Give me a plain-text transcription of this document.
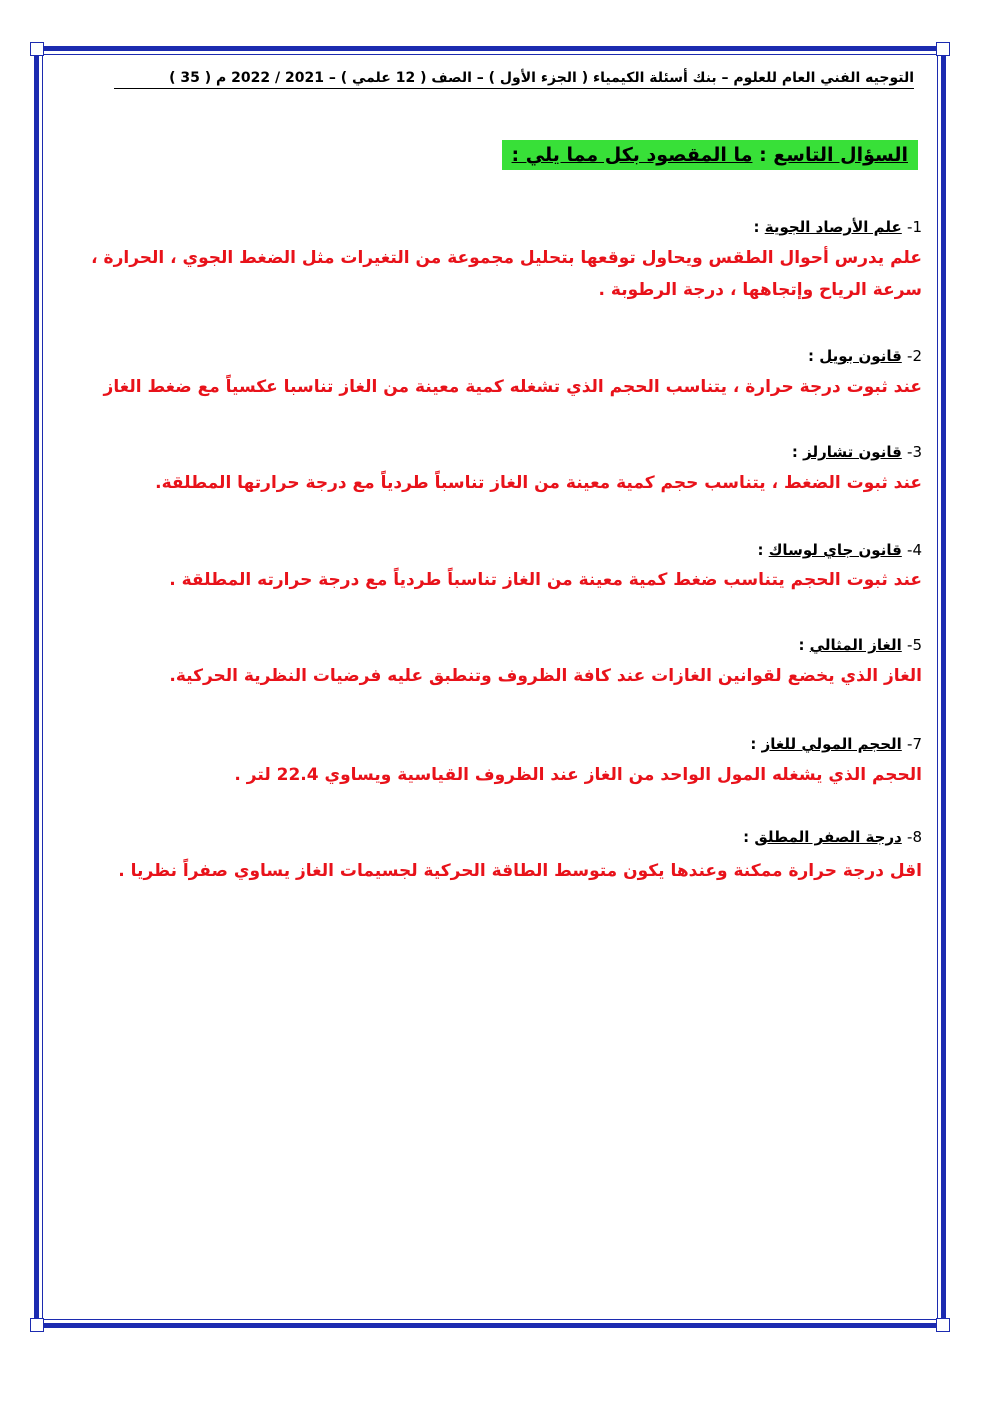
التوجيه الفني العام للعلوم – بنك أسئلة الكيمياء ( الجزء الأول ) – الصف ( 12 علمي ) – 2021 / 2022 م ( 35 )
السؤال التاسع : ما المقصود بكل مما يلي :
1- علم الأرصاد الجوية :
علم يدرس أحوال الطقس ويحاول توقعها بتحليل مجموعة من التغيرات مثل الضغط الجوي ، الحرارة ،
سرعة الرياح وإتجاهها ، درجة الرطوبة .
2- قانون بويل :
عند ثبوت درجة حرارة ، يتناسب الحجم الذي تشغله كمية معينة من الغاز تناسبا عكسياً مع ضغط الغاز
3- قانون تشارلز :
عند ثبوت الضغط ، يتناسب حجم كمية معينة من الغاز تناسباً طردياً مع درجة حرارتها المطلقة.
4- قانون جاي لوساك :
عند ثبوت الحجم يتناسب ضغط كمية معينة من الغاز تناسباً طردياً مع درجة حرارته المطلقة .
5- الغاز المثالي :
الغاز الذي يخضع لقوانين الغازات عند كافة الظروف وتنطبق عليه فرضيات النظرية الحركية.
7- الحجم المولي للغاز :
الحجم الذي يشغله المول الواحد من الغاز عند الظروف القياسية ويساوي 22.4 لتر .
8- درجة الصفر المطلق :
اقل درجة حرارة ممكنة وعندها يكون متوسط الطاقة الحركية لجسيمات الغاز يساوي صفراً نظريا .
